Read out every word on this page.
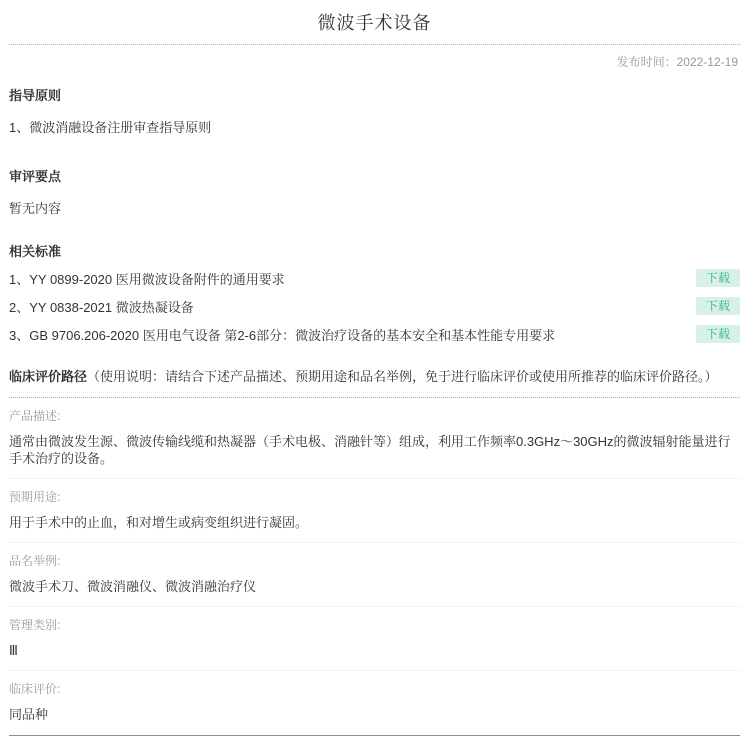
微波手术设备
发布时间：2022-12-19
指导原则
1、微波消融设备注册审查指导原则
审评要点
暂无内容
相关标准
1、YY 0899-2020 医用微波设备附件的通用要求	下载
2、YY 0838-2021 微波热凝设备	下载
3、GB 9706.206-2020 医用电气设备 第2-6部分：微波治疗设备的基本安全和基本性能专用要求	下载
临床评价路径（使用说明：请结合下述产品描述、预期用途和品名举例，免于进行临床评价或使用所推荐的临床评价路径。）
产品描述:
通常由微波发生源、微波传输线缆和热凝器（手术电极、消融针等）组成，利用工作频率0.3GHz～30GHz的微波辐射能量进行手术治疗的设备。
预期用途:
用于手术中的止血，和对增生或病变组织进行凝固。
品名举例:
微波手术刀、微波消融仪、微波消融治疗仪
管理类别:
Ⅲ
临床评价:
同品种
